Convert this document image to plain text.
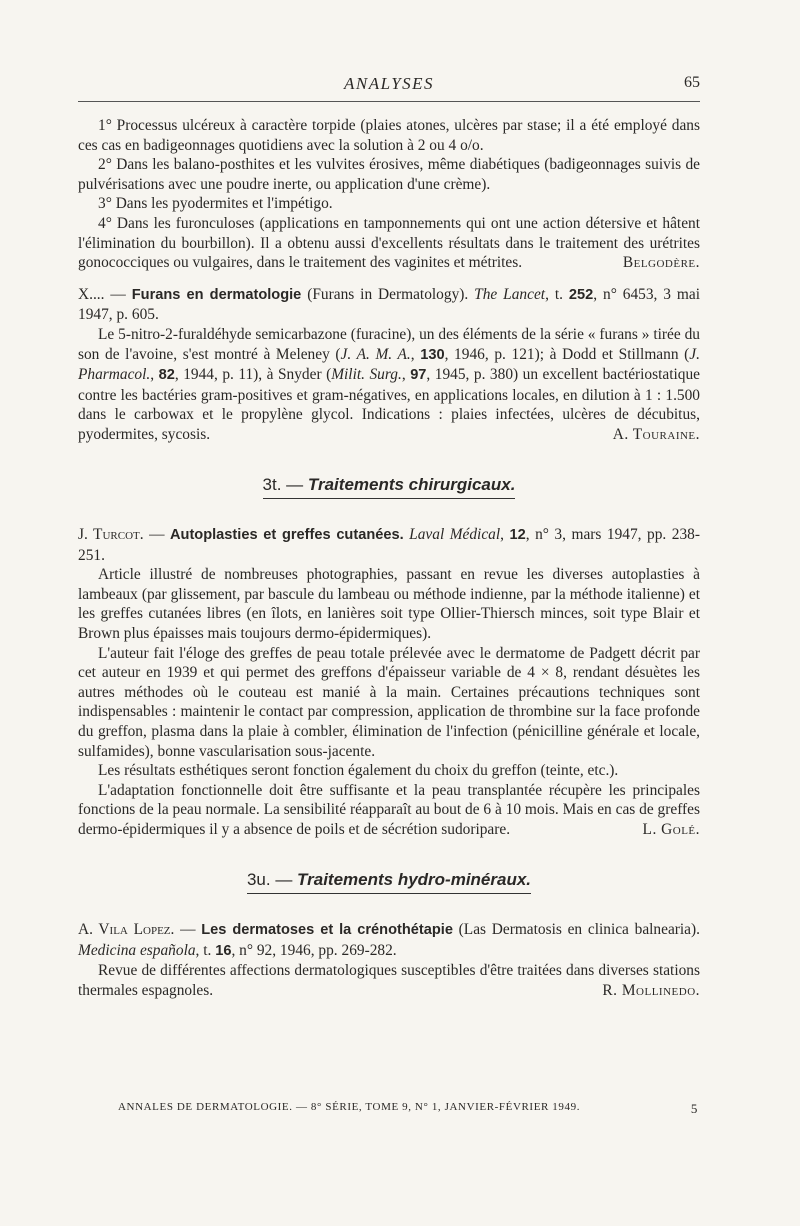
ANALYSES	65

1° Processus ulcéreux à caractère torpide (plaies atones, ulcères par stase; il a été employé dans ces cas en badigeonnages quotidiens avec la solution à 2 ou 4 o/o.

2° Dans les balano-posthites et les vulvites érosives, même diabétiques (badigeonnages suivis de pulvérisations avec une poudre inerte, ou application d'une crème).

3° Dans les pyodermites et l'impétigo.

4° Dans les furonculoses (applications en tamponnements qui ont une action détersive et hâtent l'élimination du bourbillon). Il a obtenu aussi d'excellents résultats dans le traitement des urétrites gonococciques ou vulgaires, dans le traitement des vaginites et métrites.	Belgodère.

X.... — Furans en dermatologie (Furans in Dermatology). The Lancet, t. 252, n° 6453, 3 mai 1947, p. 605.

Le 5-nitro-2-furaldéhyde semicarbazone (furacine), un des éléments de la série « furans » tirée du son de l'avoine, s'est montré à Meleney (J. A. M. A., 130, 1946, p. 121); à Dodd et Stillmann (J. Pharmacol., 82, 1944, p. 11), à Snyder (Milit. Surg., 97, 1945, p. 380) un excellent bactériostatique contre les bactéries gram-positives et gram-négatives, en applications locales, en dilution à 1 : 1.500 dans le carbowax et le propylène glycol. Indications : plaies infectées, ulcères de décubitus, pyodermites, sycosis.	A. Touraine.

3t. — Traitements chirurgicaux.

J. Turcot. — Autoplasties et greffes cutanées. Laval Médical, 12, n° 3, mars 1947, pp. 238-251.

Article illustré de nombreuses photographies, passant en revue les diverses autoplasties à lambeaux (par glissement, par bascule du lambeau ou méthode indienne, par la méthode italienne) et les greffes cutanées libres (en îlots, en lanières soit type Ollier-Thiersch minces, soit type Blair et Brown plus épaisses mais toujours dermo-épidermiques).

L'auteur fait l'éloge des greffes de peau totale prélevée avec le dermatome de Padgett décrit par cet auteur en 1939 et qui permet des greffons d'épaisseur variable de 4 × 8, rendant désuètes les autres méthodes où le couteau est manié à la main. Certaines précautions techniques sont indispensables : maintenir le contact par compression, application de thrombine sur la face profonde du greffon, plasma dans la plaie à combler, élimination de l'infection (pénicilline générale et locale, sulfamides), bonne vascularisation sous-jacente.

Les résultats esthétiques seront fonction également du choix du greffon (teinte, etc.).

L'adaptation fonctionnelle doit être suffisante et la peau transplantée récupère les principales fonctions de la peau normale. La sensibilité réapparaît au bout de 6 à 10 mois. Mais en cas de greffes dermo-épidermiques il y a absence de poils et de sécrétion sudoripare.	L. Golé.

3u. — Traitements hydro-minéraux.

A. Vila Lopez. — Les dermatoses et la crénothétapie (Las Dermatosis en clinica balnearia). Medicina española, t. 16, n° 92, 1946, pp. 269-282.

Revue de différentes affections dermatologiques susceptibles d'être traitées dans diverses stations thermales espagnoles.	R. Mollinedo.

ANNALES DE DERMATOLOGIE. — 8° SÉRIE, TOME 9, N° 1, JANVIER-FÉVRIER 1949.	5
